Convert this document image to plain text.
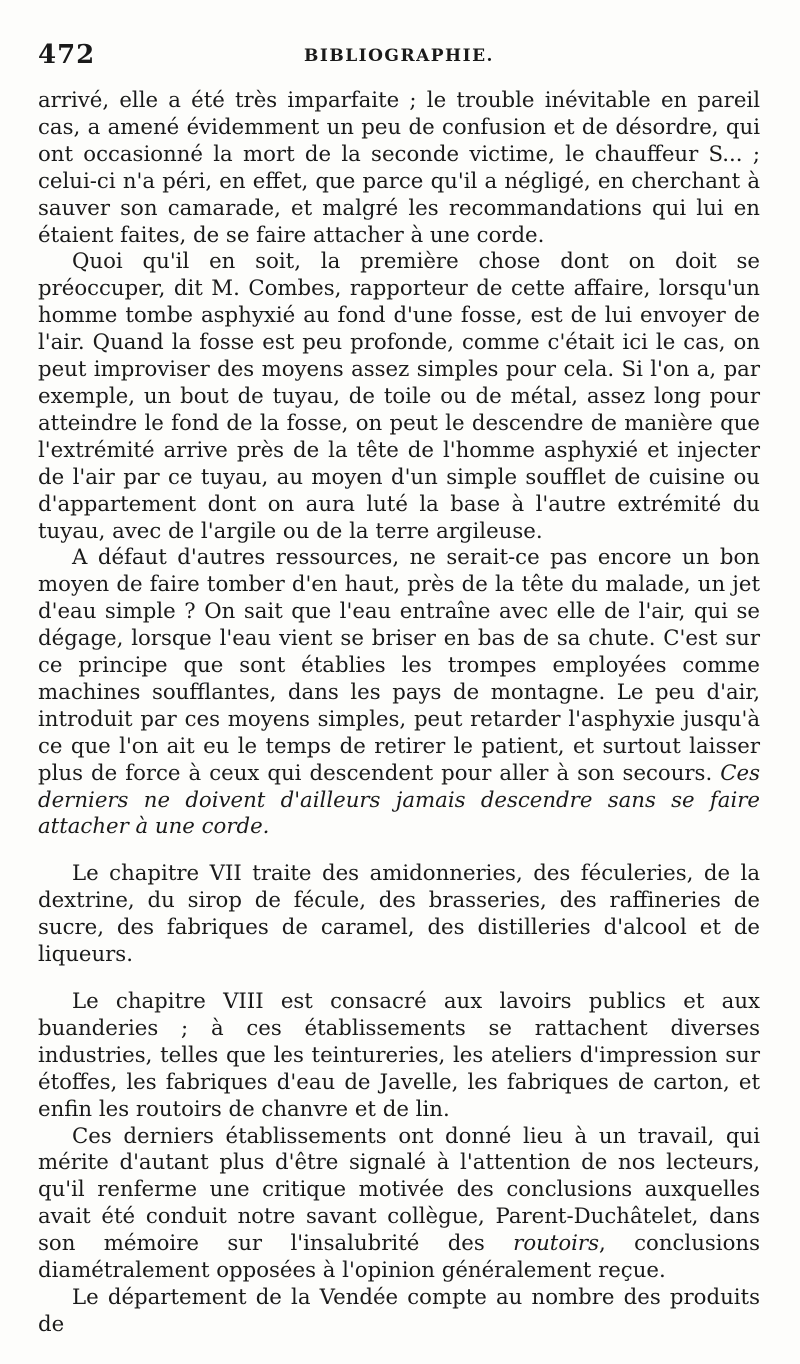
472	BIBLIOGRAPHIE.

arrivé, elle a été très imparfaite ; le trouble inévitable en pareil cas, a amené évidemment un peu de confusion et de désordre, qui ont occasionné la mort de la seconde victime, le chauffeur S... ; celui-ci n'a péri, en effet, que parce qu'il a négligé, en cherchant à sauver son camarade, et malgré les recommandations qui lui en étaient faites, de se faire attacher à une corde.

Quoi qu'il en soit, la première chose dont on doit se préoccuper, dit M. Combes, rapporteur de cette affaire, lorsqu'un homme tombe asphyxié au fond d'une fosse, est de lui envoyer de l'air. Quand la fosse est peu profonde, comme c'était ici le cas, on peut improviser des moyens assez simples pour cela. Si l'on a, par exemple, un bout de tuyau, de toile ou de métal, assez long pour atteindre le fond de la fosse, on peut le descendre de manière que l'extrémité arrive près de la tête de l'homme asphyxié et injecter de l'air par ce tuyau, au moyen d'un simple soufflet de cuisine ou d'appartement dont on aura luté la base à l'autre extrémité du tuyau, avec de l'argile ou de la terre argileuse.

A défaut d'autres ressources, ne serait-ce pas encore un bon moyen de faire tomber d'en haut, près de la tête du malade, un jet d'eau simple ? On sait que l'eau entraîne avec elle de l'air, qui se dégage, lorsque l'eau vient se briser en bas de sa chute. C'est sur ce principe que sont établies les trompes employées comme machines soufflantes, dans les pays de montagne. Le peu d'air, introduit par ces moyens simples, peut retarder l'asphyxie jusqu'à ce que l'on ait eu le temps de retirer le patient, et surtout laisser plus de force à ceux qui descendent pour aller à son secours. Ces derniers ne doivent d'ailleurs jamais descendre sans se faire attacher à une corde.

Le chapitre VII traite des amidonneries, des féculeries, de la dextrine, du sirop de fécule, des brasseries, des raffineries de sucre, des fabriques de caramel, des distilleries d'alcool et de liqueurs.

Le chapitre VIII est consacré aux lavoirs publics et aux buanderies ; à ces établissements se rattachent diverses industries, telles que les teintureries, les ateliers d'impression sur étoffes, les fabriques d'eau de Javelle, les fabriques de carton, et enfin les routoirs de chanvre et de lin.

Ces derniers établissements ont donné lieu à un travail, qui mérite d'autant plus d'être signalé à l'attention de nos lecteurs, qu'il renferme une critique motivée des conclusions auxquelles avait été conduit notre savant collègue, Parent-Duchâtelet, dans son mémoire sur l'insalubrité des routoirs, conclusions diamétralement opposées à l'opinion généralement reçue.

Le département de la Vendée compte au nombre des produits de
